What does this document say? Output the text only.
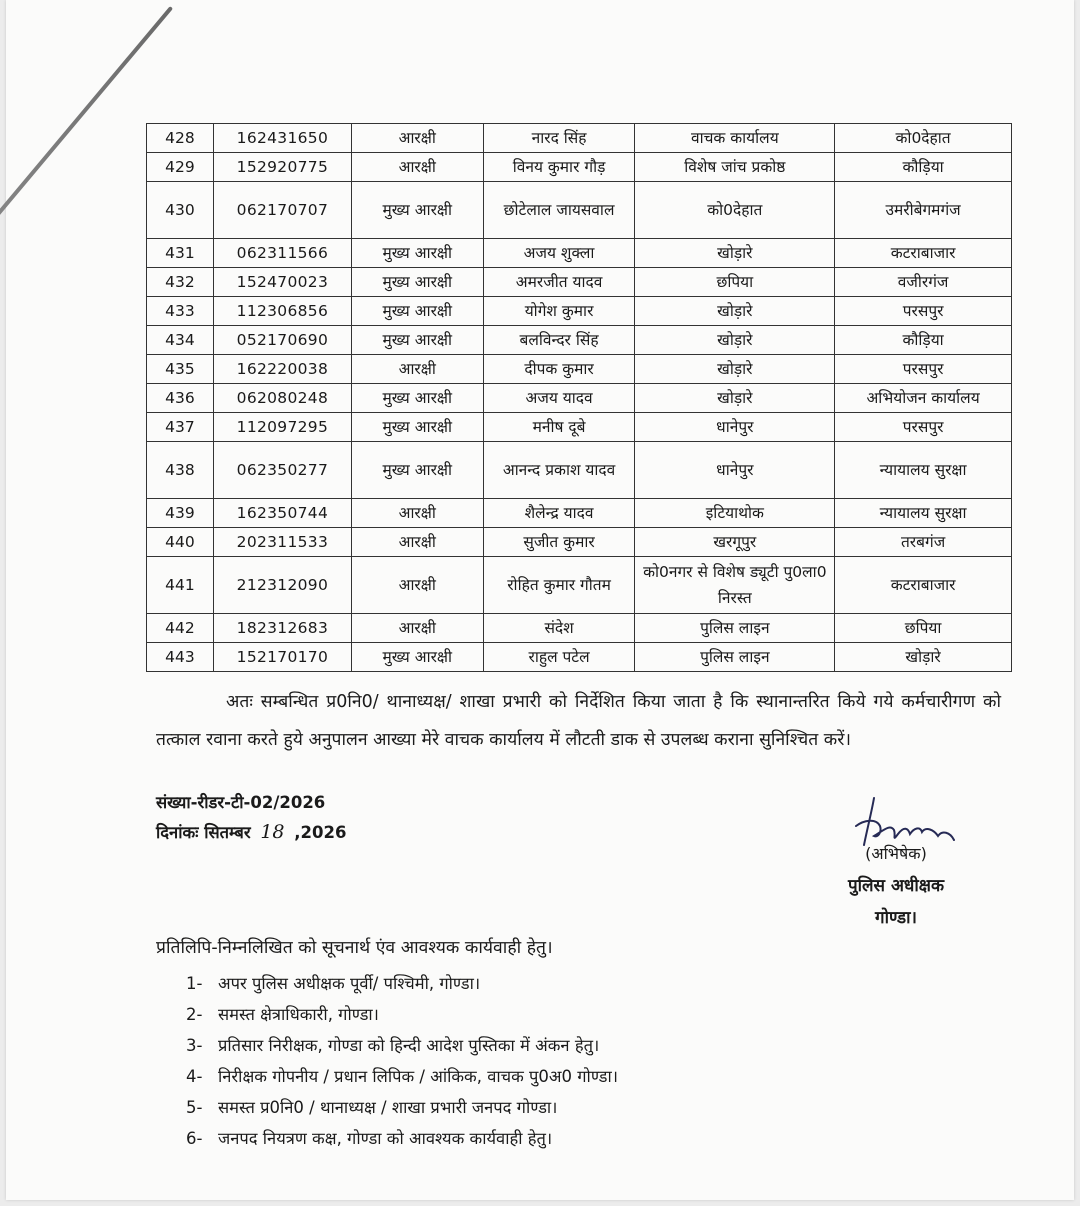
428	162431650	आरक्षी	नारद सिंह	वाचक कार्यालय	को0देहात
429	152920775	आरक्षी	विनय कुमार गौड़	विशेष जांच प्रकोष्ठ	कौड़िया
430	062170707	मुख्य आरक्षी	छोटेलाल जायसवाल	को0देहात	उमरीबेगमगंज
431	062311566	मुख्य आरक्षी	अजय शुक्ला	खोड़ारे	कटराबाजार
432	152470023	मुख्य आरक्षी	अमरजीत यादव	छपिया	वजीरगंज
433	112306856	मुख्य आरक्षी	योगेश कुमार	खोड़ारे	परसपुर
434	052170690	मुख्य आरक्षी	बलविन्दर सिंह	खोड़ारे	कौड़िया
435	162220038	आरक्षी	दीपक कुमार	खोड़ारे	परसपुर
436	062080248	मुख्य आरक्षी	अजय यादव	खोड़ारे	अभियोजन कार्यालय
437	112097295	मुख्य आरक्षी	मनीष दूबे	धानेपुर	परसपुर
438	062350277	मुख्य आरक्षी	आनन्द प्रकाश यादव	धानेपुर	न्यायालय सुरक्षा
439	162350744	आरक्षी	शैलेन्द्र यादव	इटियाथोक	न्यायालय सुरक्षा
440	202311533	आरक्षी	सुजीत कुमार	खरगूपुर	तरबगंज
441	212312090	आरक्षी	रोहित कुमार गौतम	को0नगर से विशेष ड्यूटी पु0ला0 निरस्त	कटराबाजार
442	182312683	आरक्षी	संदेश	पुलिस लाइन	छपिया
443	152170170	मुख्य आरक्षी	राहुल पटेल	पुलिस लाइन	खोड़ारे
अतः सम्बन्धित प्र0नि0/ थानाध्यक्ष/ शाखा प्रभारी को निर्देशित किया जाता है कि स्थानान्तरित किये गये कर्मचारीगण को तत्काल रवाना करते हुये अनुपालन आख्या मेरे वाचक कार्यालय में लौटती डाक से उपलब्ध कराना सुनिश्चित करें।
संख्या-रीडर-टी-02/2026
दिनांकः सितम्बर 18 ,2026
(अभिषेक)
पुलिस अधीक्षक
गोण्डा।
प्रतिलिपि-निम्नलिखित को सूचनार्थ एंव आवश्यक कार्यवाही हेतु।
1- अपर पुलिस अधीक्षक पूर्वी/ पश्चिमी, गोण्डा।
2- समस्त क्षेत्राधिकारी, गोण्डा।
3- प्रतिसार निरीक्षक, गोण्डा को हिन्दी आदेश पुस्तिका में अंकन हेतु।
4- निरीक्षक गोपनीय / प्रधान लिपिक / आंकिक, वाचक पु0अ0 गोण्डा।
5- समस्त प्र0नि0 / थानाध्यक्ष / शाखा प्रभारी जनपद गोण्डा।
6- जनपद नियत्रण कक्ष, गोण्डा को आवश्यक कार्यवाही हेतु।
